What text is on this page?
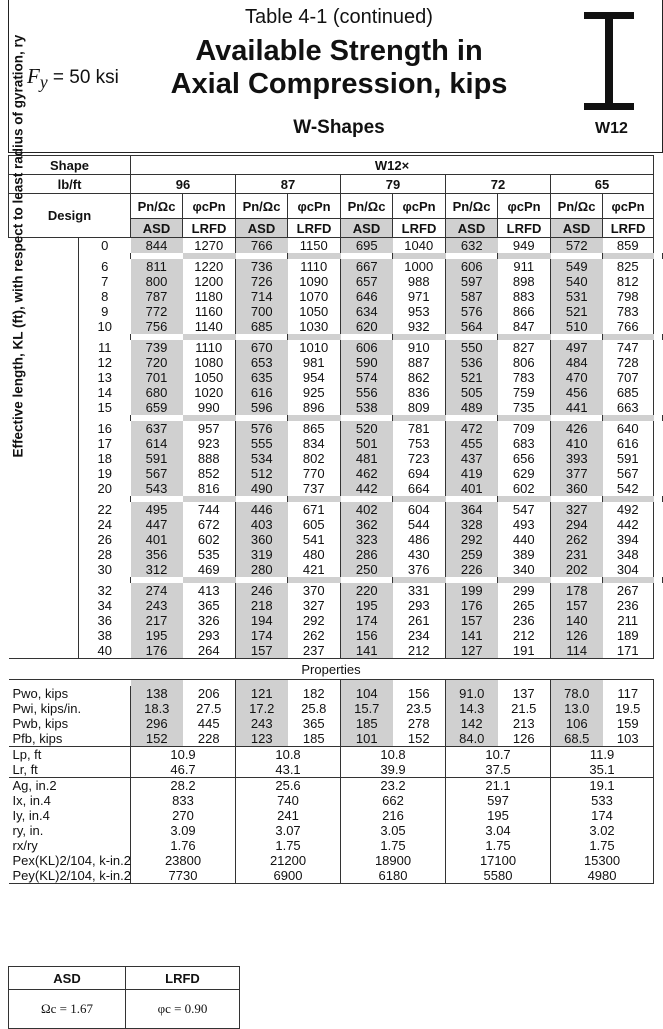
$F_y = 50$ ksi
Table 4-1 (continued)
Available Strength in
Axial Compression, kips
W-Shapes	W12
Shape		W12×										
lb/ft		96		87		79		72		65		
Design		Pn/Ωc	φcPn	Pn/Ωc	φcPn	Pn/Ωc	φcPn	Pn/Ωc	φcPn	Pn/Ωc	φcPn	
		ASD	LRFD	ASD	LRFD	ASD	LRFD	ASD	LRFD	ASD	LRFD	

Effective length, KL (ft), with respect to least radius of gyration, ry	0	844	1270	766	1150	695	1040	632	949	572	859	

	6	811	1220	736	1110	667	1000	606	911	549	825	
	7	800	1200	726	1090	657	988	597	898	540	812	
	8	787	1180	714	1070	646	971	587	883	531	798	
	9	772	1160	700	1050	634	953	576	866	521	783	
	10	756	1140	685	1030	620	932	564	847	510	766	

	11	739	1110	670	1010	606	910	550	827	497	747	
	12	720	1080	653	981	590	887	536	806	484	728	
	13	701	1050	635	954	574	862	521	783	470	707	
	14	680	1020	616	925	556	836	505	759	456	685	
	15	659	990	596	896	538	809	489	735	441	663	

	16	637	957	576	865	520	781	472	709	426	640	
	17	614	923	555	834	501	753	455	683	410	616	
	18	591	888	534	802	481	723	437	656	393	591	
	19	567	852	512	770	462	694	419	629	377	567	
	20	543	816	490	737	442	664	401	602	360	542	

	22	495	744	446	671	402	604	364	547	327	492	
	24	447	672	403	605	362	544	328	493	294	442	
	26	401	602	360	541	323	486	292	440	262	394	
	28	356	535	319	480	286	430	259	389	231	348	
	30	312	469	280	421	250	376	226	340	202	304	

	32	274	413	246	370	220	331	199	299	178	267	
	34	243	365	218	327	195	293	176	265	157	236	
	36	217	326	194	292	174	261	157	236	140	211	
	38	195	293	174	262	156	234	141	212	126	189	
	40	176	264	157	237	141	212	127	191	114	171	
Properties												

Pwo, kips		138	206	121	182	104	156	91.0	137	78.0	117	
Pwi, kips/in.		18.3	27.5	17.2	25.8	15.7	23.5	14.3	21.5	13.0	19.5	
Pwb, kips		296	445	243	365	185	278	142	213	106	159	
Pfb, kips		152	228	123	185	101	152	84.0	126	68.5	103	
Lp, ft		10.9		10.8		10.8		10.7		11.9		
Lr, ft		46.7		43.1		39.9		37.5		35.1		
Ag, in.2		28.2		25.6		23.2		21.1		19.1		
Ix, in.4		833		740		662		597		533		
Iy, in.4		270		241		216		195		174		
ry, in.		3.09		3.07		3.05		3.04		3.02		
rx/ry		1.76		1.75		1.75		1.75		1.75		
Pex(KL)2/104, k-in.2		23800		21200		18900		17100		15300		
Pey(KL)2/104, k-in.2		7730		6900		6180		5580		4980		

ASD	LRFD
Ωc = 1.67	φc = 0.90
